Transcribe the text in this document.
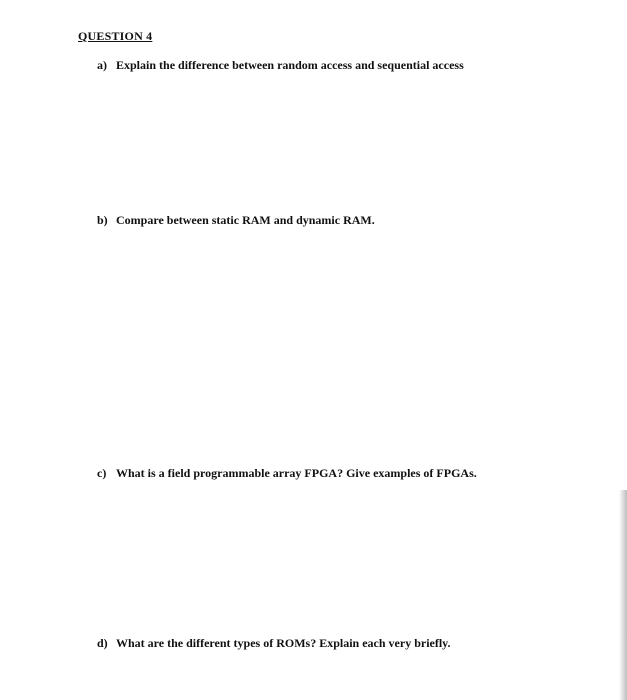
QUESTION 4
a) Explain the difference between random access and sequential access
b) Compare between static RAM and dynamic RAM.
c) What is a field programmable array FPGA? Give examples of FPGAs.
d) What are the different types of ROMs? Explain each very briefly.
